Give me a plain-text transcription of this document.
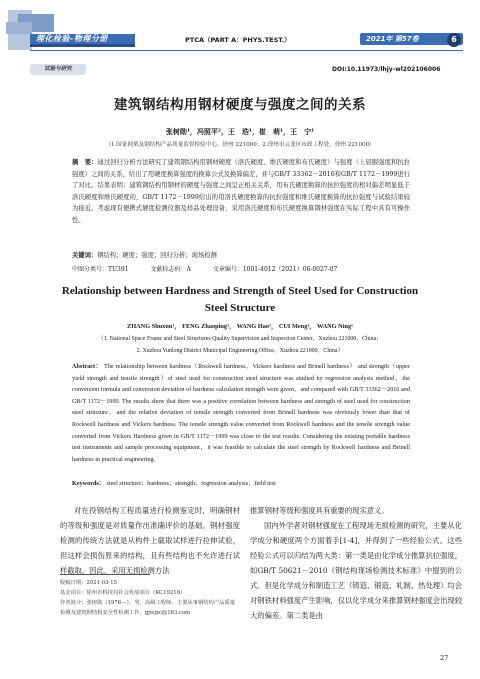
理化检验-物理分册	PTCA（PART A：PHYS.TEST.）	2021年 第57卷	6
试验与研究	DOI:10.11973/lhjy-wl202106006
建筑钢结构用钢材硬度与强度之间的关系
张树勋¹，冯照平²，王　浩¹，崔　萌¹，王　宁¹
（1.国家网架及钢结构产品质量监督检验中心，徐州 221000；2.徐州市云龙区市政工程处，徐州 221000）
摘　要：通过回归分析方法研究了建筑钢结构用钢材硬度（洛氏硬度、维氏硬度和布氏硬度）与强度（上屈服强度和抗拉强度）之间的关系，给出了用硬度换算强度的换算公式及换算偏差，并与GB/T 33362－2016和GB/T 1172－1999进行了对比。结果表明：建筑钢结构用钢材的硬度与强度之间呈正相关关系，用布氏硬度换算的抗拉强度的相对偏差明显低于洛氏硬度和维氏硬度的，GB/T 1172－1999给出的用洛氏硬度换算的抗拉强度和维氏硬度换算的抗拉强度与试验结果较为接近。考虑现有便携式硬度检测仪器及样品处理设备，采用洛氏硬度和布氏硬度换算钢材强度在实际工程中具有可操作性。
关键词：钢结构；硬度；强度；回归分析；现场检测
中图分类号：TU391	文献标志码：A	文章编号：1001-4012（2021）06-0027-07
Relationship between Hardness and Strength of Steel Used for Construction Steel Structure
ZHANG Shuxun¹， FENG Zhaoping²， WANG Hao¹， CUI Meng¹， WANG Ning¹
（1. National Space Frame and Steel Structures Quality Supervision and Inspection Center，Xuzhou 221000，China；
2. Xuzhou Yunlong District Municipal Engineering Office，Xuzhou 221000，China）
Abstract： The relationship between hardness（Rockwell hardness，Vickers hardness and Brinell hardness） and strength（upper yield strength and tensile strength）of steel used for construction steel structure was studied by regression analysis method，the conversion formula and conversion deviation of hardness calculation strength were given，and compared with GB/T 33362－2016 and GB/T 1172－1999. The results show that there was a positive correlation between hardness and strength of steel used for construction steel structure，and the relative deviation of tensile strength converted from Brinell hardness was obviously lower than that of Rockwell hardness and Vickers hardness. The tensile strength value converted from Rockwell hardness and the tensile strength value converted from Vickers Hardness given in GB/T 1172－1999 was close to the test results. Considering the existing portable hardness test instruments and sample processing equipment，it was feasible to calculate the steel strength by Rockwell hardness and Brinell hardness in practical engineering.
Keywords： steel structure；hardness；strength；regression analysis；field test
对在役钢结构工程质量进行检测鉴定时，明确钢材的等级和强度是对质量作出准确评价的基础。钢材强度检测的传统方法就是从构件上截取试样进行拉伸试验，但这样会损伤原来的结构，且有些结构也不允许进行试样截取。因此，采用无损检测方法

推算钢材等级和强度具有重要的现实意义。

国内外学者对钢材强度在工程现场无损检测的研究，主要从化学成分和硬度两个方面着手[1-4]，并得到了一些经验公式。这些经验公式可以归结为两大类：第一类是由化学成分推算抗拉强度，如GB/T 50621－2010《钢结构现场检测技术标准》中提到的公式。但是化学成分和制造工艺（铸造、锻造、轧制、热处理）均会对钢铁材料强度产生影响，仅以化学成分来推算钢材强度会出现较大的偏差。第二类是由

收稿日期：2021-03-15
基金项目：徐州市科技局社会发展项目（KC19216）
作者简介：张树勋（1976－），男，高级工程师，主要从事钢结构产品质量检测及建筑钢结构安全性检测工作，gjwjxc@163.com
27
